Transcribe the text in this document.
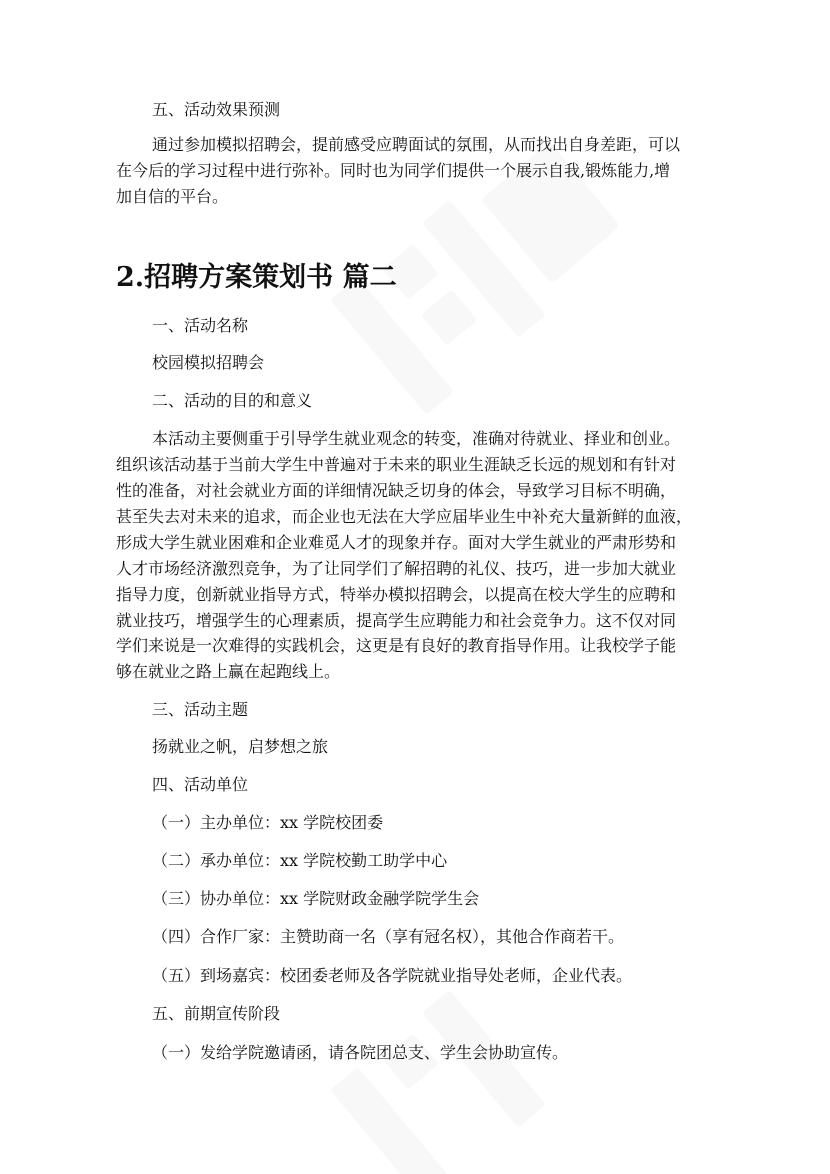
五、活动效果预测
通过参加模拟招聘会，提前感受应聘面试的氛围，从而找出自身差距，可以
在今后的学习过程中进行弥补。同时也为同学们提供一个展示自我,锻炼能力,增
加自信的平台。
2.招聘方案策划书 篇二
一、活动名称
校园模拟招聘会
二、活动的目的和意义
本活动主要侧重于引导学生就业观念的转变，准确对待就业、择业和创业。
组织该活动基于当前大学生中普遍对于未来的职业生涯缺乏长远的规划和有针对
性的准备，对社会就业方面的详细情况缺乏切身的体会，导致学习目标不明确，
甚至失去对未来的追求，而企业也无法在大学应届毕业生中补充大量新鲜的血液，
形成大学生就业困难和企业难觅人才的现象并存。面对大学生就业的严肃形势和
人才市场经济激烈竞争，为了让同学们了解招聘的礼仪、技巧，进一步加大就业
指导力度，创新就业指导方式，特举办模拟招聘会，以提高在校大学生的应聘和
就业技巧，增强学生的心理素质，提高学生应聘能力和社会竞争力。这不仅对同
学们来说是一次难得的实践机会，这更是有良好的教育指导作用。让我校学子能
够在就业之路上赢在起跑线上。
三、活动主题
扬就业之帆，启梦想之旅
四、活动单位
（一）主办单位：xx 学院校团委
（二）承办单位：xx 学院校勤工助学中心
（三）协办单位：xx 学院财政金融学院学生会
（四）合作厂家：主赞助商一名（享有冠名权），其他合作商若干。
（五）到场嘉宾：校团委老师及各学院就业指导处老师，企业代表。
五、前期宣传阶段
（一）发给学院邀请函，请各院团总支、学生会协助宣传。
